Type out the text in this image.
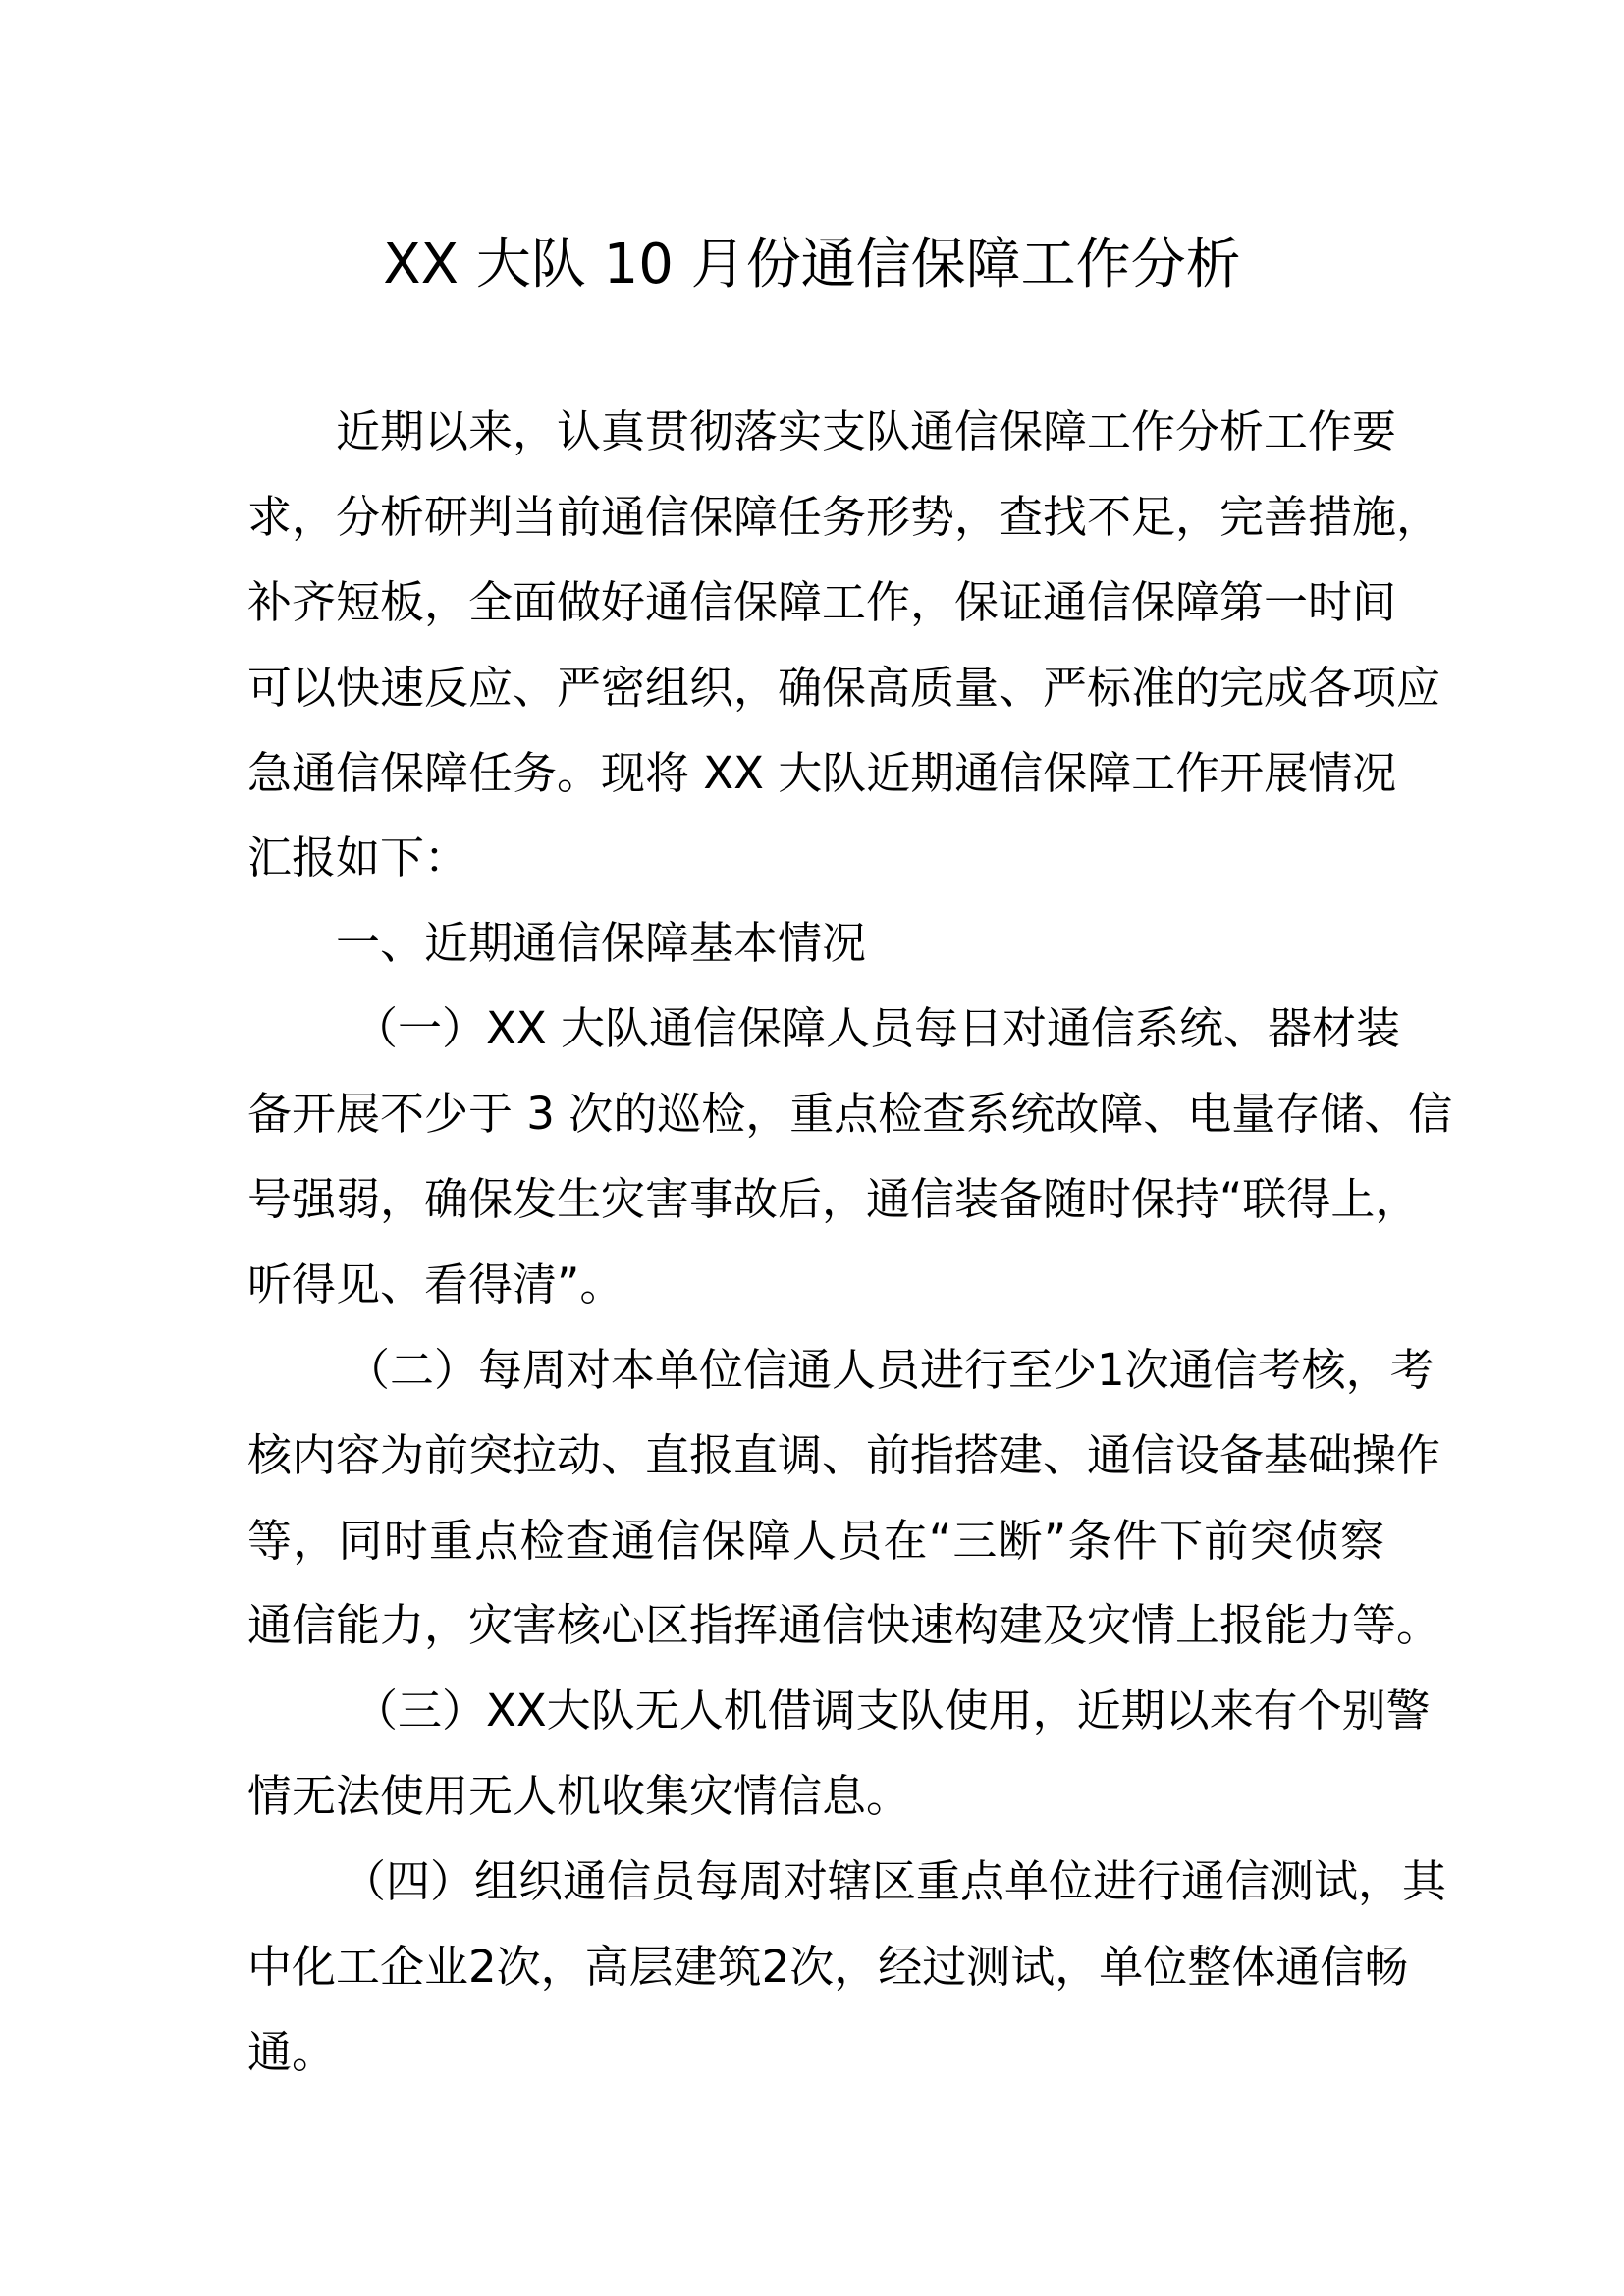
XX 大队 10 月份通信保障工作分析
近期以来，认真贯彻落实支队通信保障工作分析工作要
求，分析研判当前通信保障任务形势，查找不足，完善措施，
补齐短板，全面做好通信保障工作，保证通信保障第一时间
可以快速反应、严密组织，确保高质量、严标准的完成各项应
急通信保障任务。现将 XX 大队近期通信保障工作开展情况
汇报如下：
一、近期通信保障基本情况
（一）XX 大队通信保障人员每日对通信系统、器材装
备开展不少于 3 次的巡检，重点检查系统故障、电量存储、信
号强弱，确保发生灾害事故后，通信装备随时保持“联得上，
听得见、看得清”。
（二）每周对本单位信通人员进行至少1次通信考核，考
核内容为前突拉动、直报直调、前指搭建、通信设备基础操作
等，同时重点检查通信保障人员在“三断”条件下前突侦察
通信能力，灾害核心区指挥通信快速构建及灾情上报能力等。
（三）XX大队无人机借调支队使用，近期以来有个别警
情无法使用无人机收集灾情信息。
（四）组织通信员每周对辖区重点单位进行通信测试，其
中化工企业2次，高层建筑2次，经过测试，单位整体通信畅
通。
